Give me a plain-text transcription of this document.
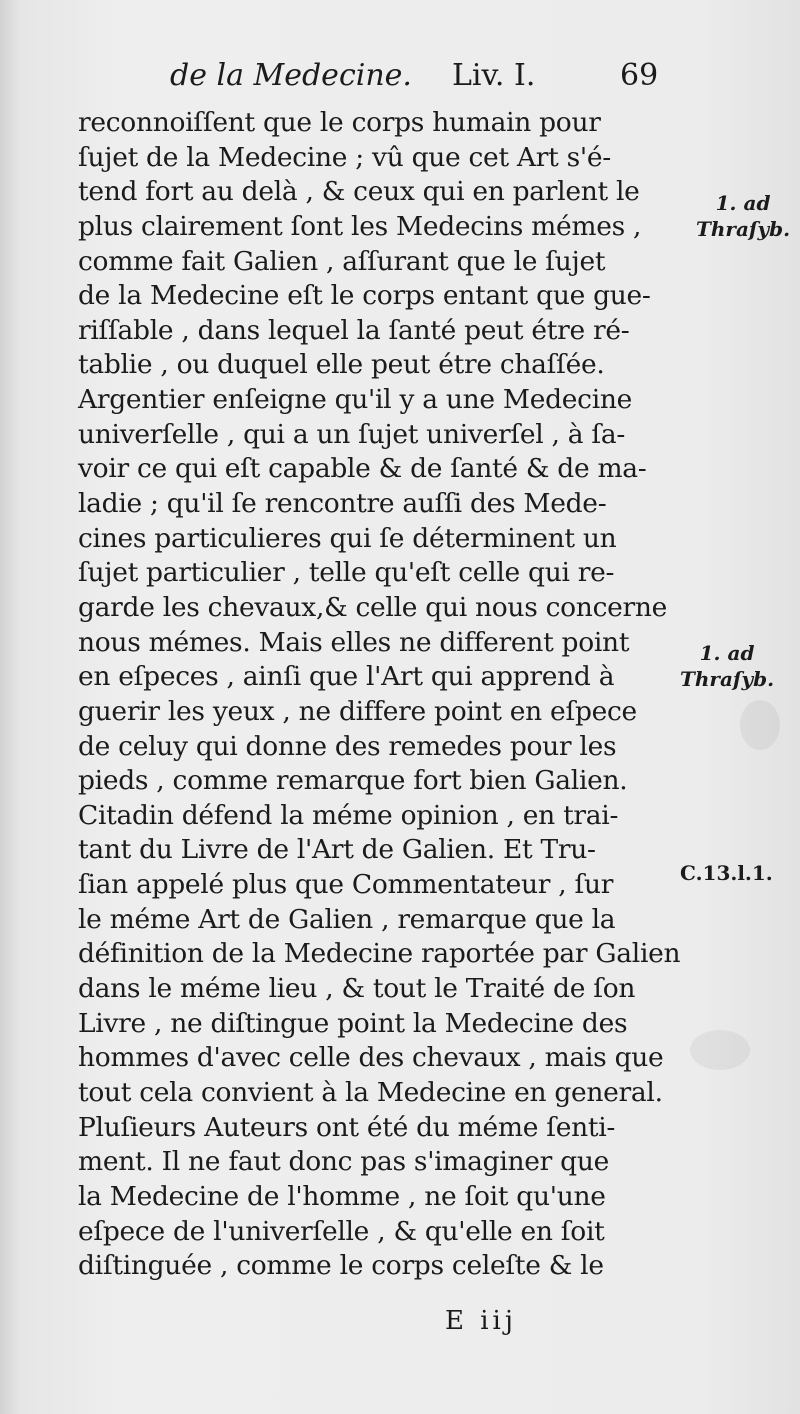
de la Medecine. Liv. I.	69
reconnoiſſent que le corps humain pour
ſujet de la Medecine ; vû que cet Art s'é-
tend fort au delà , & ceux qui en parlent le
plus clairement ſont les Medecins mémes ,
comme fait Galien , aſſurant que le ſujet
de la Medecine eſt le corps entant que gue-
riſſable , dans lequel la ſanté peut étre ré-
tablie , ou duquel elle peut étre chaſſée.
Argentier enſeigne qu'il y a une Medecine
univerſelle , qui a un ſujet univerſel , à ſa-
voir ce qui eſt capable & de ſanté & de ma-
ladie ; qu'il ſe rencontre auſſi des Mede-
cines particulieres qui ſe déterminent un
ſujet particulier , telle qu'eſt celle qui re-
garde les chevaux,& celle qui nous concerne
nous mémes. Mais elles ne different point
en eſpeces , ainſi que l'Art qui apprend à
guerir les yeux , ne differe point en eſpece
de celuy qui donne des remedes pour les
pieds , comme remarque fort bien Galien.
Citadin défend la méme opinion , en trai-
tant du Livre de l'Art de Galien. Et Tru-
ſian appelé plus que Commentateur , ſur
le méme Art de Galien , remarque que la
définition de la Medecine raportée par Galien
dans le méme lieu , & tout le Traité de ſon
Livre , ne diſtingue point la Medecine des
hommes d'avec celle des chevaux , mais que
tout cela convient à la Medecine en general.
Pluſieurs Auteurs ont été du méme ſenti-
ment. Il ne faut donc pas s'imaginer que
la Medecine de l'homme , ne ſoit qu'une
eſpece de l'univerſelle , & qu'elle en ſoit
diſtinguée , comme le corps celeſte & le
1. ad
Thraſyb.
1. ad
Thraſyb.
C.13.l.1.
E iij
